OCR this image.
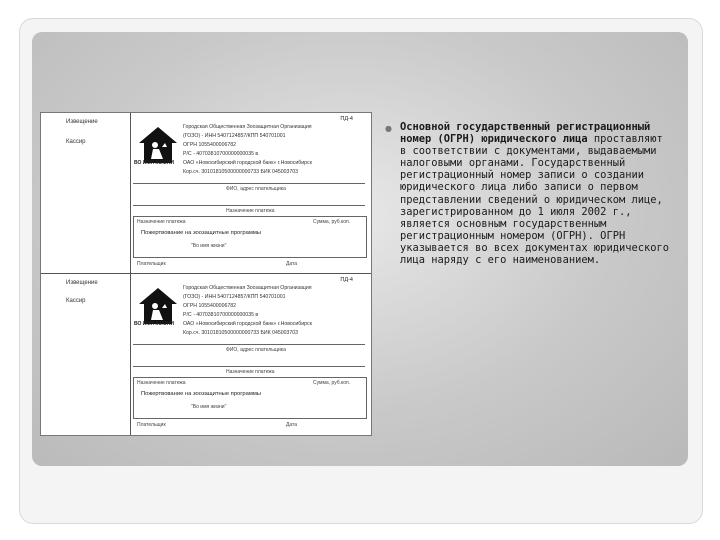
Извещение
Кассир
ПД-4
ВО ИМЯ ЖИЗНИ
Городская Общественная Зоозащитная Организация
(ГОЗО) - ИНН 5407124857/КПП 540701001
ОГРН 1055400006782
Р/С - 40703810700000000035 в
ОАО «Новосибирский городской банк» г.Новосибирск
Кор.сч. 30101810500000000733 БИК 045003703
ФИО, адрес плательщика
Назначение платежа
Назначение платежа	Сумма, руб.коп.
Пожертвование на зоозащитные программы
"Во имя жизни"
Плательщик	Дата
Извещение
Кассир
ПД-4
ВО ИМЯ ЖИЗНИ
Городская Общественная Зоозащитная Организация
(ГОЗО) - ИНН 5407124857/КПП 540701001
ОГРН 1055400006782
Р/С - 40703810700000000035 в
ОАО «Новосибирский городской банк» г.Новосибирск
Кор.сч. 30101810500000000733 БИК 045003703
ФИО, адрес плательщика
Назначение платежа
Назначение платежа	Сумма, руб.коп.
Пожертвование на зоозащитные программы
"Во имя жизни"
Плательщик	Дата
● Основной государственный регистрационный номер (ОГРН) юридического лица проставляют в соответствии с документами, выдаваемыми налоговыми органами. Государственный регистрационный номер записи о создании юридического лица либо записи о первом представлении сведений о юридическом лице, зарегистрированном до 1 июля 2002 г., является основным государственным регистрационным номером (ОГРН). ОГРН указывается во всех документах юридического лица наряду с его наименованием.
